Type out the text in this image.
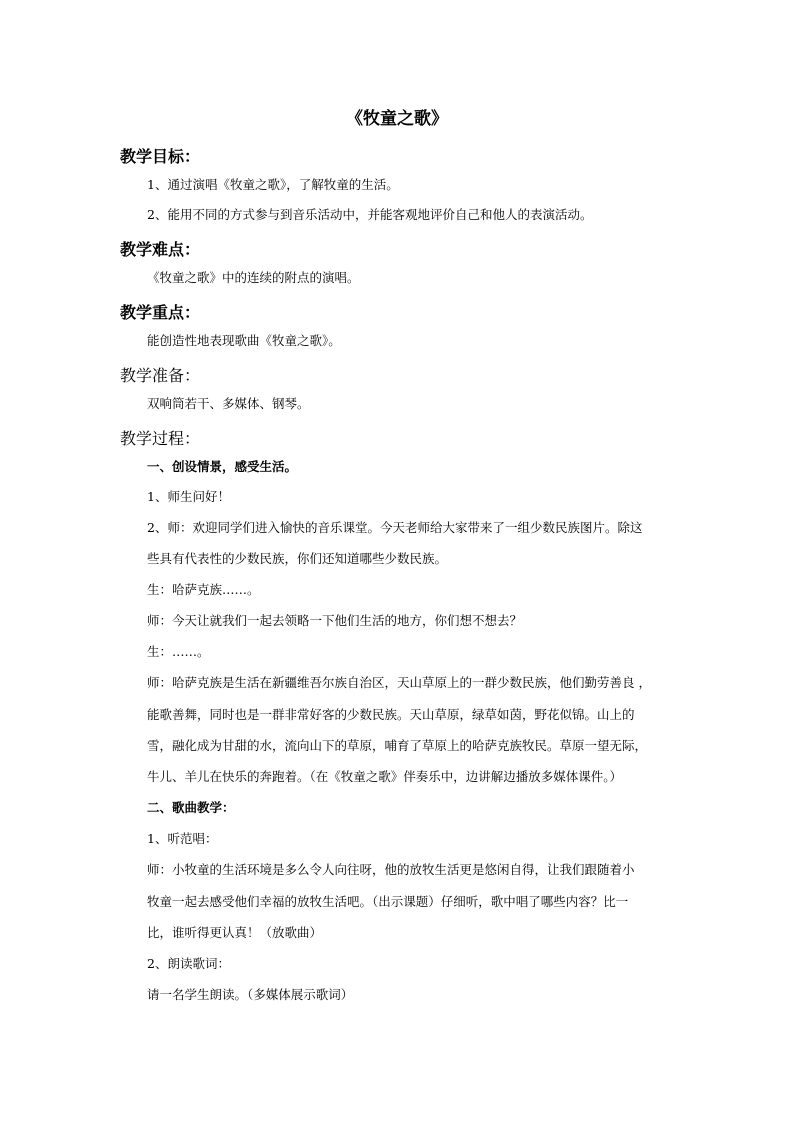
《牧童之歌》
教学目标：
1、通过演唱《牧童之歌》，了解牧童的生活。
2、能用不同的方式参与到音乐活动中，并能客观地评价自己和他人的表演活动。
教学难点：
《牧童之歌》中的连续的附点的演唱。
教学重点：
能创造性地表现歌曲《牧童之歌》。
教学准备：
双响筒若干、多媒体、钢琴。
教学过程：
一、创设情景，感受生活。
1、师生问好！
2、师：欢迎同学们进入愉快的音乐课堂。今天老师给大家带来了一组少数民族图片。除这
些具有代表性的少数民族，你们还知道哪些少数民族。
生：哈萨克族……。
师：今天让就我们一起去领略一下他们生活的地方，你们想不想去？
生：……。
师：哈萨克族是生活在新疆维吾尔族自治区，天山草原上的一群少数民族，他们勤劳善良 ，
能歌善舞，同时也是一群非常好客的少数民族。天山草原，绿草如茵，野花似锦。山上的
雪，融化成为甘甜的水，流向山下的草原，哺育了草原上的哈萨克族牧民。草原一望无际，
牛儿、羊儿在快乐的奔跑着。（在《牧童之歌》伴奏乐中，边讲解边播放多媒体课件。）
二、歌曲教学：
1、听范唱：
师：小牧童的生活环境是多么令人向往呀，他的放牧生活更是悠闲自得，让我们跟随着小
牧童一起去感受他们幸福的放牧生活吧。（出示课题）仔细听，歌中唱了哪些内容？比一
比，谁听得更认真！（放歌曲）
2、朗读歌词：
请一名学生朗读。（多媒体展示歌词）
